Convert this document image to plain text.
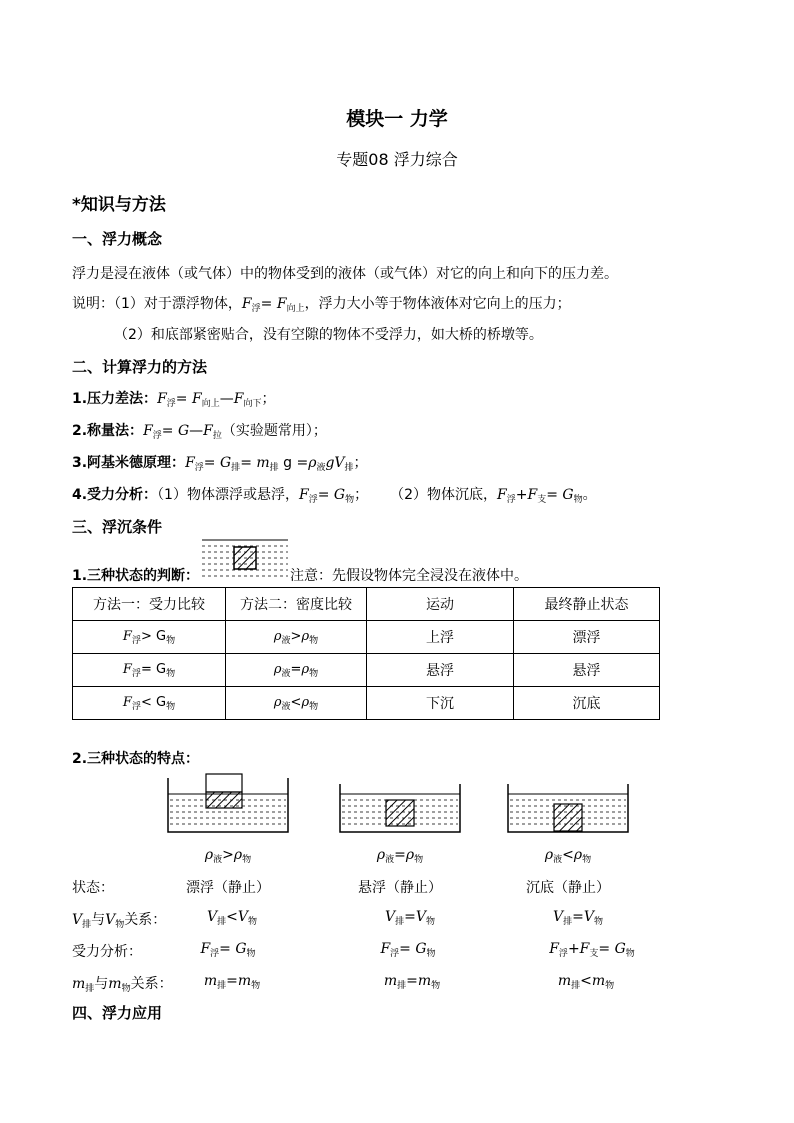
模块一 力学
专题08 浮力综合
*知识与方法
一、浮力概念
浮力是浸在液体（或气体）中的物体受到的液体（或气体）对它的向上和向下的压力差。
说明：（1）对于漂浮物体，$F_浮= F_{向上}$，浮力大小等于物体液体对它向上的压力；
（2）和底部紧密贴合，没有空隙的物体不受浮力，如大桥的桥墩等。
二、计算浮力的方法
1.压力差法：$F_浮=$ $F_{向上}—F_{向下}$；
2.称量法：$F_浮=$ $G—F_拉$（实验题常用）；
3.阿基米德原理：$F_浮= G_排= m_排$ $g =\rho_液gV_排$；
4.受力分析：（1）物体漂浮或悬浮，$F_浮= G_物$； （2）物体沉底，$F_浮+F_支= G_物$。
三、浮沉条件
1.三种状态的判断：	注意：先假设物体完全浸没在液体中。
方法一：受力比较	方法二：密度比较	运动	最终静止状态
$F_浮> G_物$	$\rho_液>\rho_物$	上浮	漂浮
$F_浮= G_物$	$\rho_液=\rho_物$	悬浮	悬浮
$F_浮< G_物$	$\rho_液<\rho_物$	下沉	沉底
2.三种状态的特点：
$\rho_液>\rho_物$	$\rho_液=\rho_物$	$\rho_液<\rho_物$
状态：	漂浮（静止）	悬浮（静止）	沉底（静止）
$V_排$与$V_物$关系：	$V_排<V_物$	$V_排=V_物$	$V_排=V_物$
受力分析：	$F_浮= G_物$	$F_浮= G_物$	$F_浮+F_支= G_物$
$m_排$与$m_物$关系：	$m_排=m_物$	$m_排=m_物$	$m_排<m_物$
四、浮力应用
